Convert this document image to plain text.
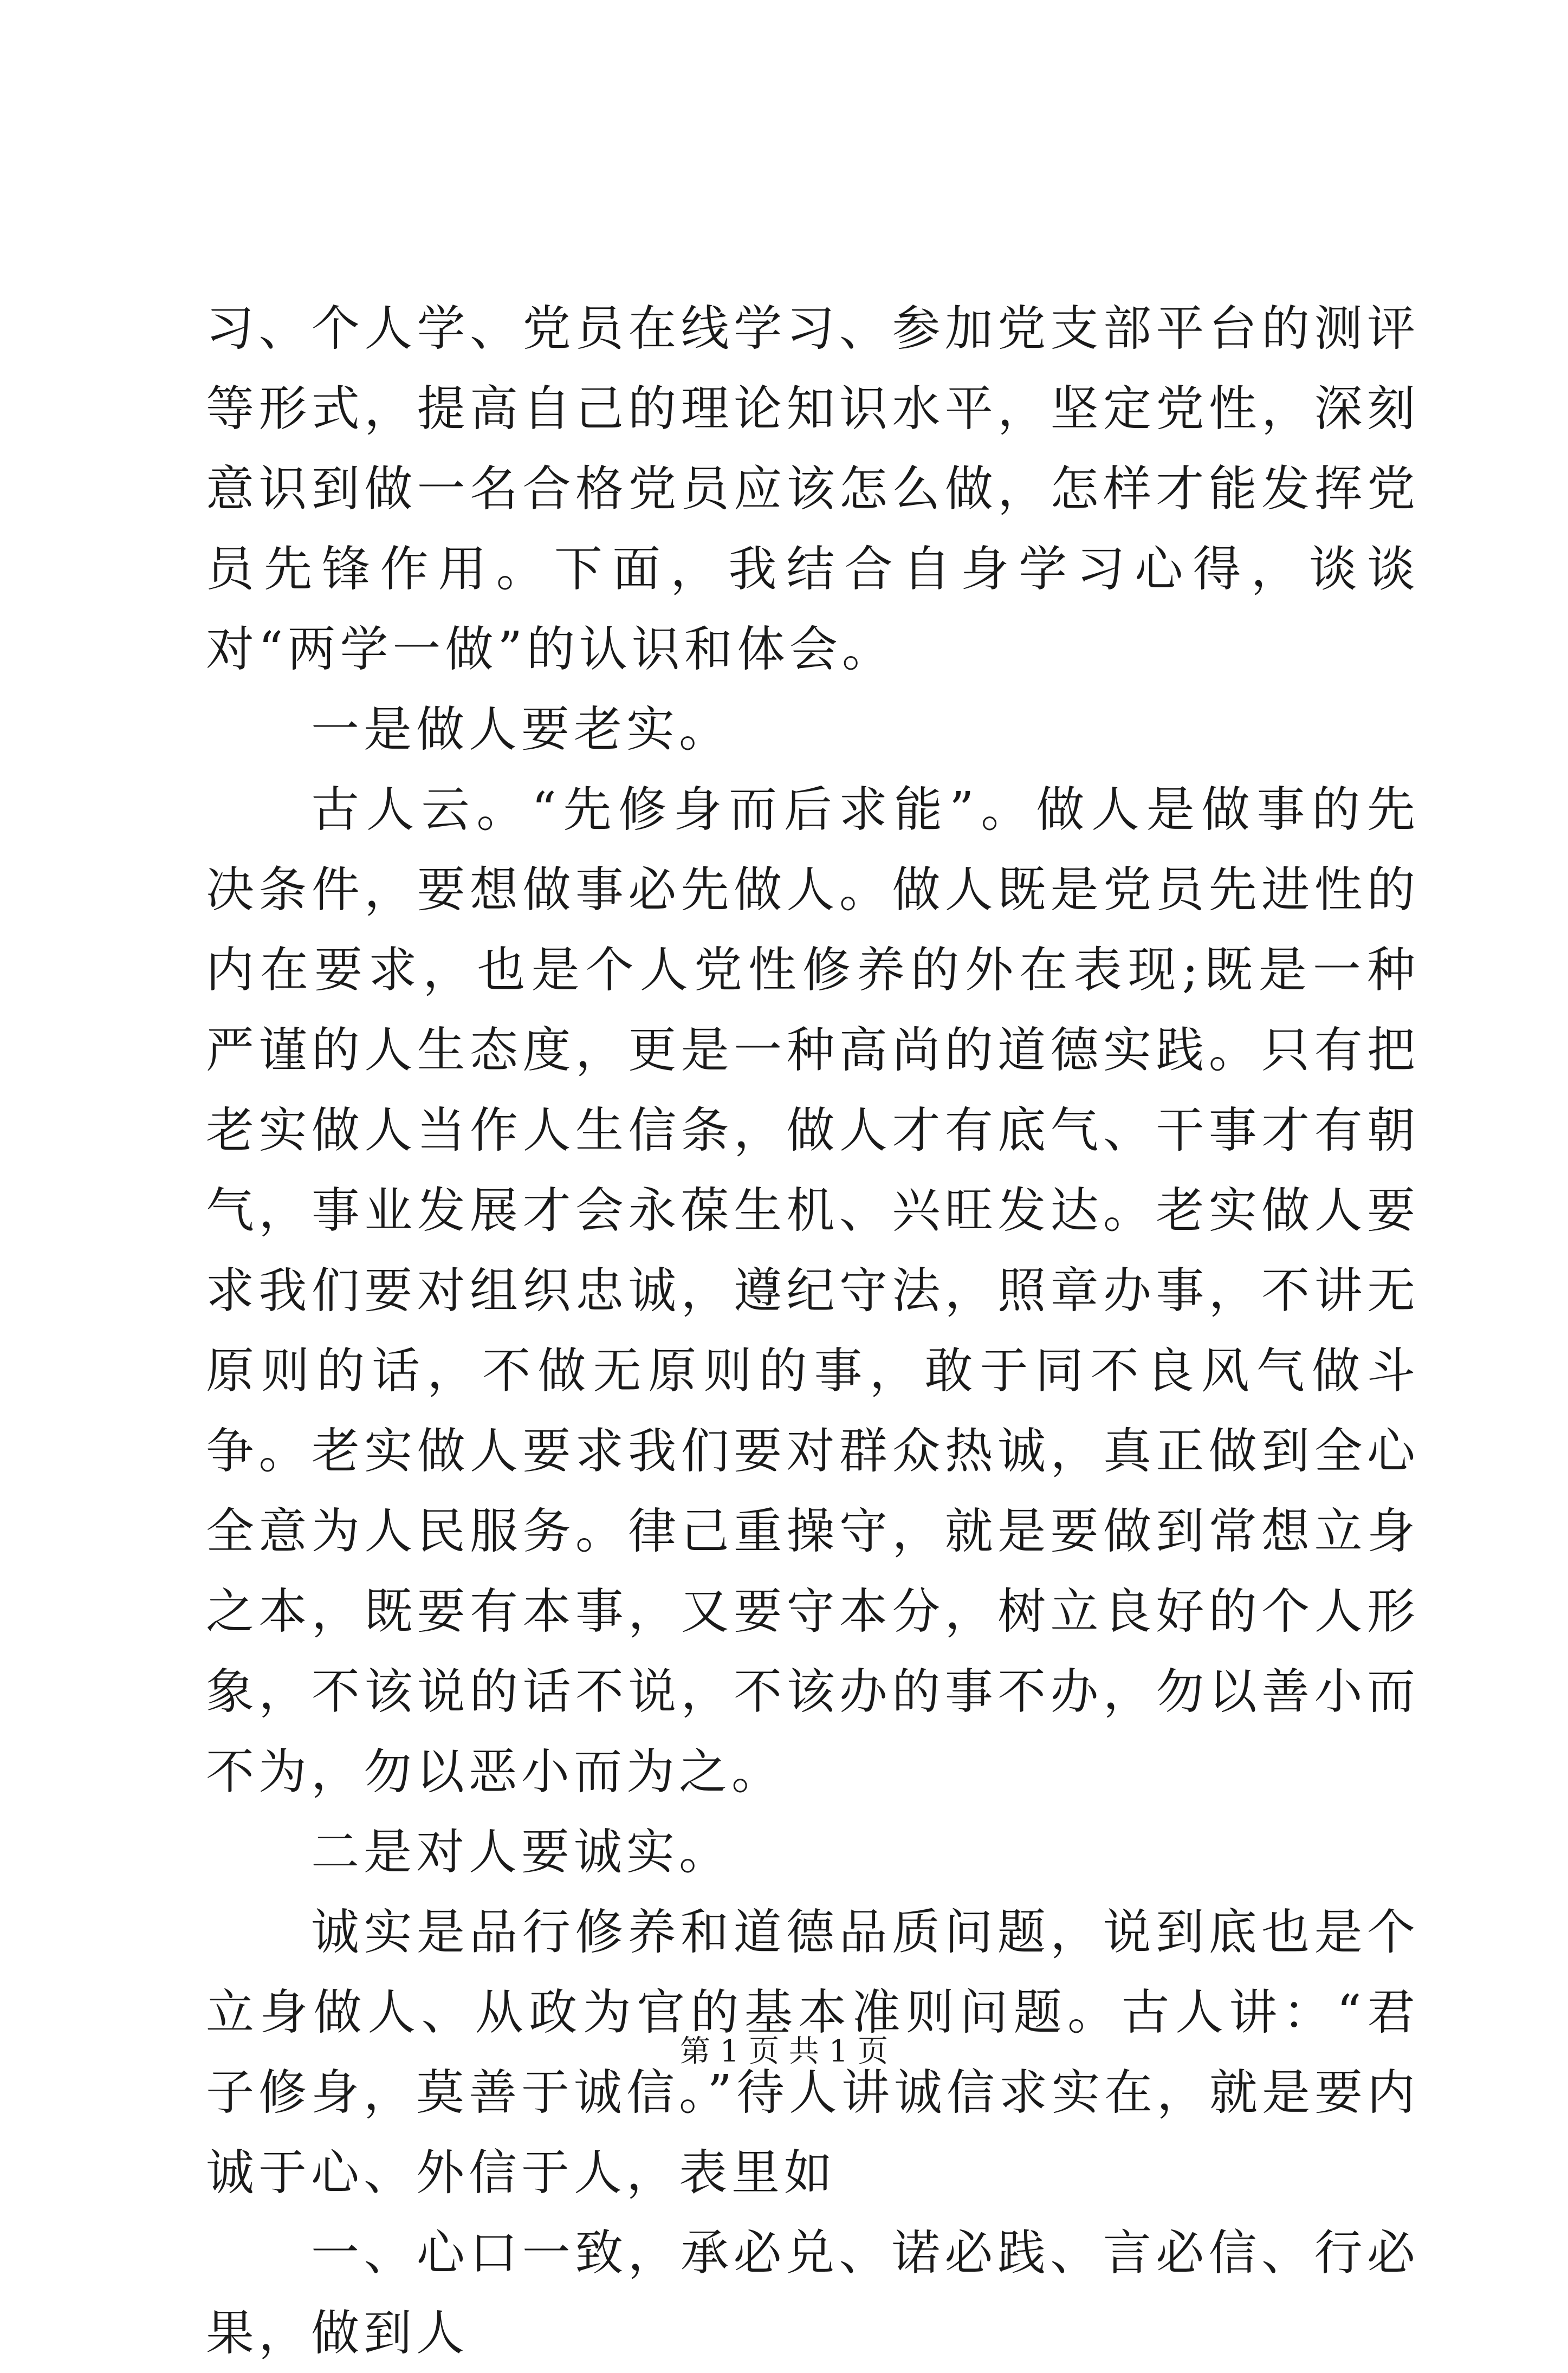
习、个人学、党员在线学习、参加党支部平台的测评等形式，提高自己的理论知识水平，坚定党性，深刻意识到做一名合格党员应该怎么做，怎样才能发挥党员先锋作用。下面，我结合自身学习心得，谈谈对“两学一做”的认识和体会。

一是做人要老实。

古人云。“先修身而后求能”。做人是做事的先决条件，要想做事必先做人。做人既是党员先进性的内在要求，也是个人党性修养的外在表现;既是一种严谨的人生态度，更是一种高尚的道德实践。只有把老实做人当作人生信条，做人才有底气、干事才有朝气，事业发展才会永葆生机、兴旺发达。老实做人要求我们要对组织忠诚，遵纪守法，照章办事，不讲无原则的话，不做无原则的事，敢于同不良风气做斗争。老实做人要求我们要对群众热诚，真正做到全心全意为人民服务。律己重操守，就是要做到常想立身之本，既要有本事，又要守本分，树立良好的个人形象，不该说的话不说，不该办的事不办，勿以善小而不为，勿以恶小而为之。

二是对人要诚实。

诚实是品行修养和道德品质问题，说到底也是个立身做人、从政为官的基本准则问题。古人讲：“君子修身，莫善于诚信。”待人讲诚信求实在，就是要内诚于心、外信于人，表里如

一、心口一致，承必兑、诺必践、言必信、行必果，做到人

第 1 页 共 1 页
